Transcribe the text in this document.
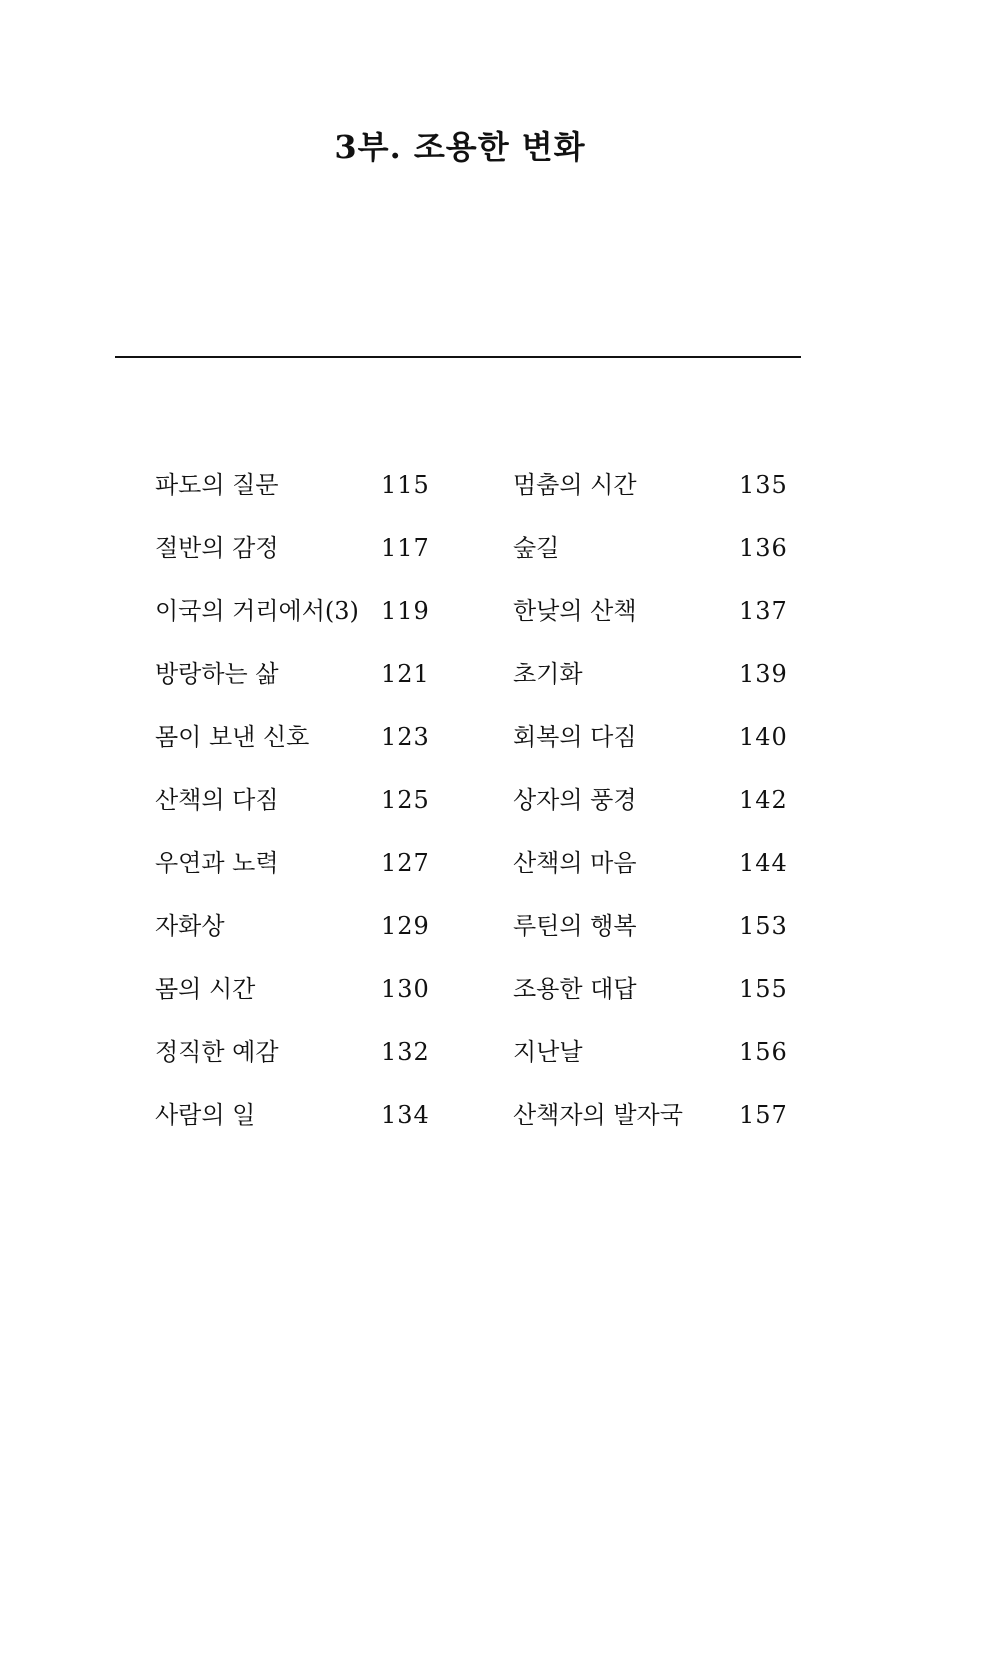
3부. 조용한 변화
파도의 질문	115
절반의 감정	117
이국의 거리에서(3) 119
방랑하는 삶	121
몸이 보낸 신호	123
산책의 다짐	125
우연과 노력	127
자화상	129
몸의 시간	130
정직한 예감	132
사람의 일	134
멈춤의 시간	135
숲길	136
한낮의 산책	137
초기화	139
회복의 다짐	140
상자의 풍경	142
산책의 마음	144
루틴의 행복	153
조용한 대답	155
지난날	156
산책자의 발자국 157
